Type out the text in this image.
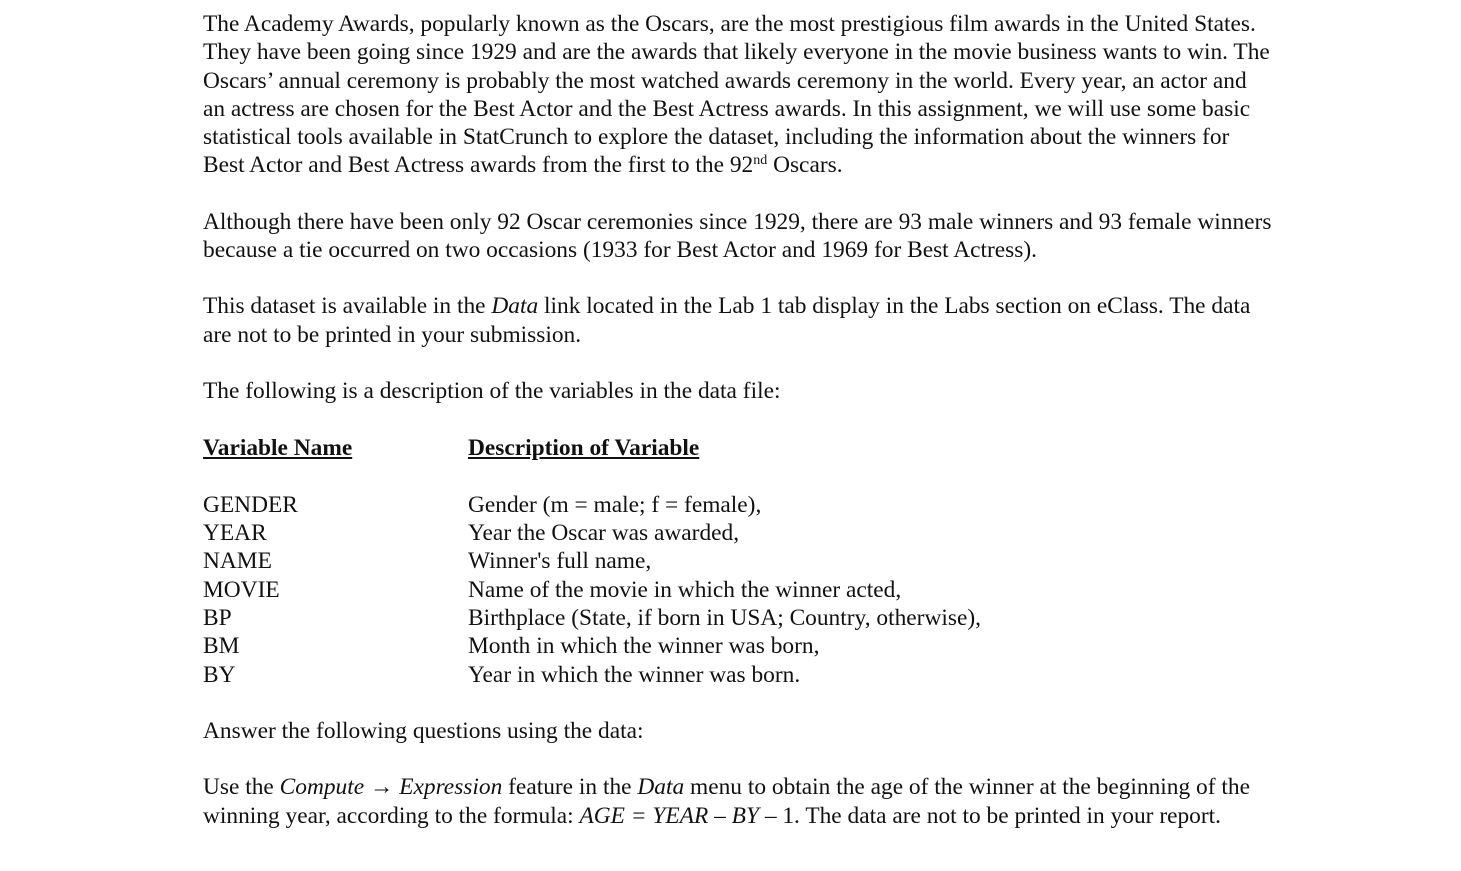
The Academy Awards, popularly known as the Oscars, are the most prestigious film awards in the United States. They have been going since 1929 and are the awards that likely everyone in the movie business wants to win. The Oscars’ annual ceremony is probably the most watched awards ceremony in the world. Every year, an actor and an actress are chosen for the Best Actor and the Best Actress awards. In this assignment, we will use some basic statistical tools available in StatCrunch to explore the dataset, including the information about the winners for Best Actor and Best Actress awards from the first to the 92nd Oscars.

Although there have been only 92 Oscar ceremonies since 1929, there are 93 male winners and 93 female winners because a tie occurred on two occasions (1933 for Best Actor and 1969 for Best Actress).

This dataset is available in the Data link located in the Lab 1 tab display in the Labs section on eClass. The data are not to be printed in your submission.

The following is a description of the variables in the data file:

Variable Name	Description of Variable
GENDER	Gender (m = male; f = female),
YEAR	Year the Oscar was awarded,
NAME	Winner's full name,
MOVIE	Name of the movie in which the winner acted,
BP	Birthplace (State, if born in USA; Country, otherwise),
BM	Month in which the winner was born,
BY	Year in which the winner was born.

Answer the following questions using the data:

Use the Compute → Expression feature in the Data menu to obtain the age of the winner at the beginning of the winning year, according to the formula: AGE = YEAR – BY – 1. The data are not to be printed in your report.
